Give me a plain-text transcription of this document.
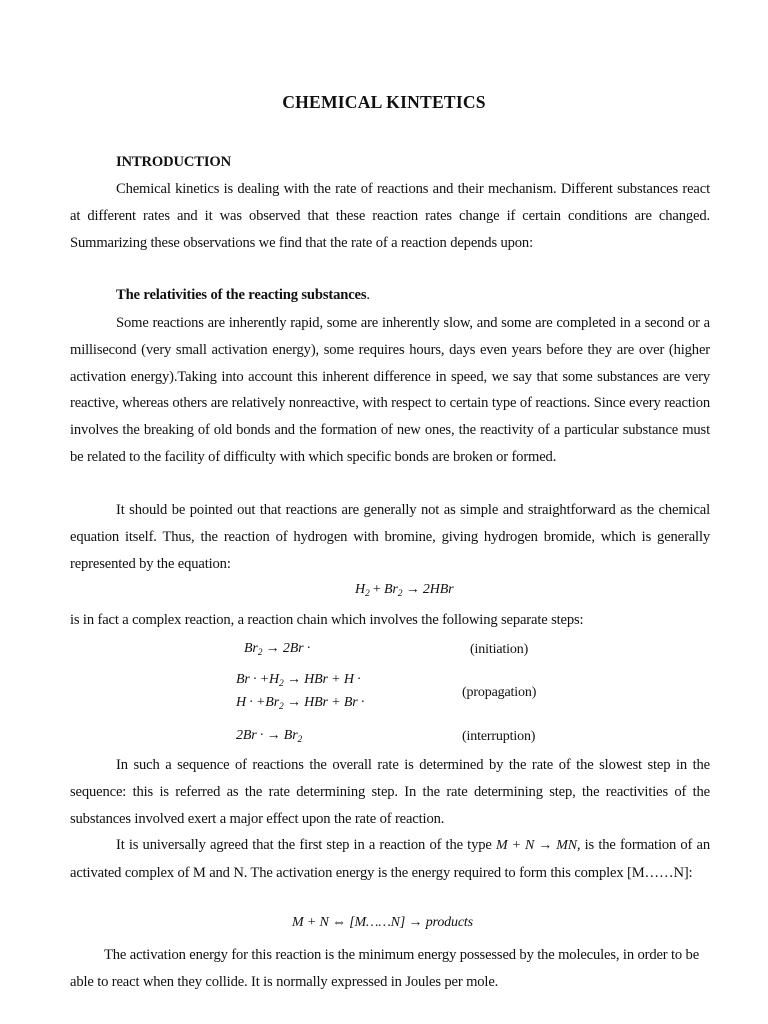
CHEMICAL KINTETICS
INTRODUCTION

Chemical kinetics is dealing with the rate of reactions and their mechanism. Different substances react at different rates and it was observed that these reaction rates change if certain conditions are changed. Summarizing these observations we find that the rate of a reaction depends upon:

The relativities of the reacting substances.

Some reactions are inherently rapid, some are inherently slow, and some are completed in a second or a millisecond (very small activation energy), some requires hours, days even years before they are over (higher activation energy).Taking into account this inherent difference in speed, we say that some substances are very reactive, whereas others are relatively nonreactive, with respect to certain type of reactions. Since every reaction involves the breaking of old bonds and the formation of new ones, the reactivity of a particular substance must be related to the facility of difficulty with which specific bonds are broken or formed.

It should be pointed out that reactions are generally not as simple and straightforward as the chemical equation itself. Thus, the reaction of hydrogen with bromine, giving hydrogen bromide, which is generally represented by the equation:

$H_2 + Br_2 \to 2HBr$
is in fact a complex reaction, a reaction chain which involves the following separate steps:
$Br_2 \to 2Br$ ·	(initiation)
$Br \cdot +H_2$ → HBr + H ·
$H \cdot +Br_2$ → HBr + Br ·
(propagation)
2Br · → $Br_2$	(interruption)

In such a sequence of reactions the overall rate is determined by the rate of the slowest step in the sequence: this is referred as the rate determining step. In the rate determining step, the reactivities of the substances involved exert a major effect upon the rate of reaction.

It is universally agreed that the first step in a reaction of the type M + N → MN, is the formation of an activated complex of M and N. The activation energy is the energy required to form this complex [M……N]:

M + N ⇔ [M……N] → products

The activation energy for this reaction is the minimum energy possessed by the molecules, in order to be able to react when they collide. It is normally expressed in Joules per mole.
